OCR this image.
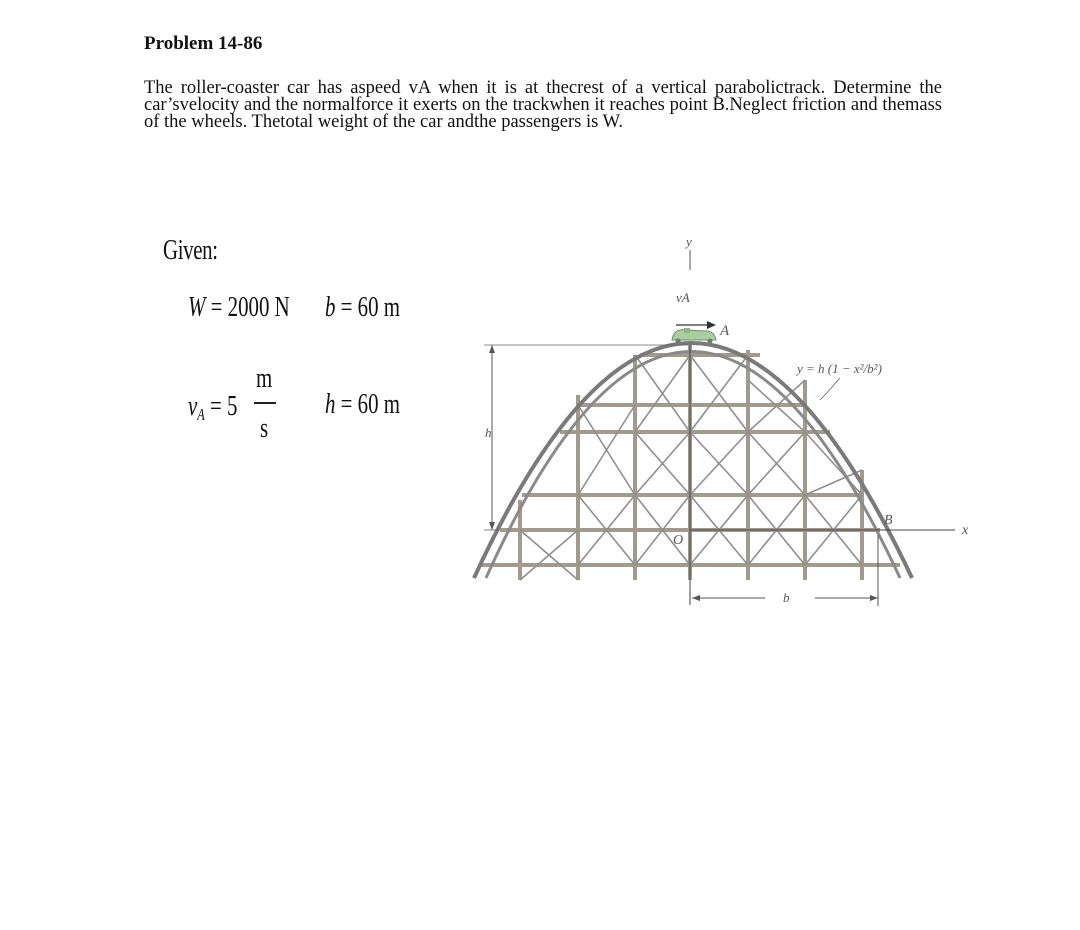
Problem 14-86
The roller-coaster car has aspeed vA when it is at thecrest of a vertical parabolictrack. Determine the car’svelocity and the normalforce it exerts on the trackwhen it reaches point B.Neglect friction and themass of the wheels. Thetotal weight of the car andthe passengers is W.
Given:
W = 2000 N b = 60 m
$v_A = 5$
m
s
h = 60 m
y
vA
A
y = h (1 − x²/b²)
h
B
x
O
b
